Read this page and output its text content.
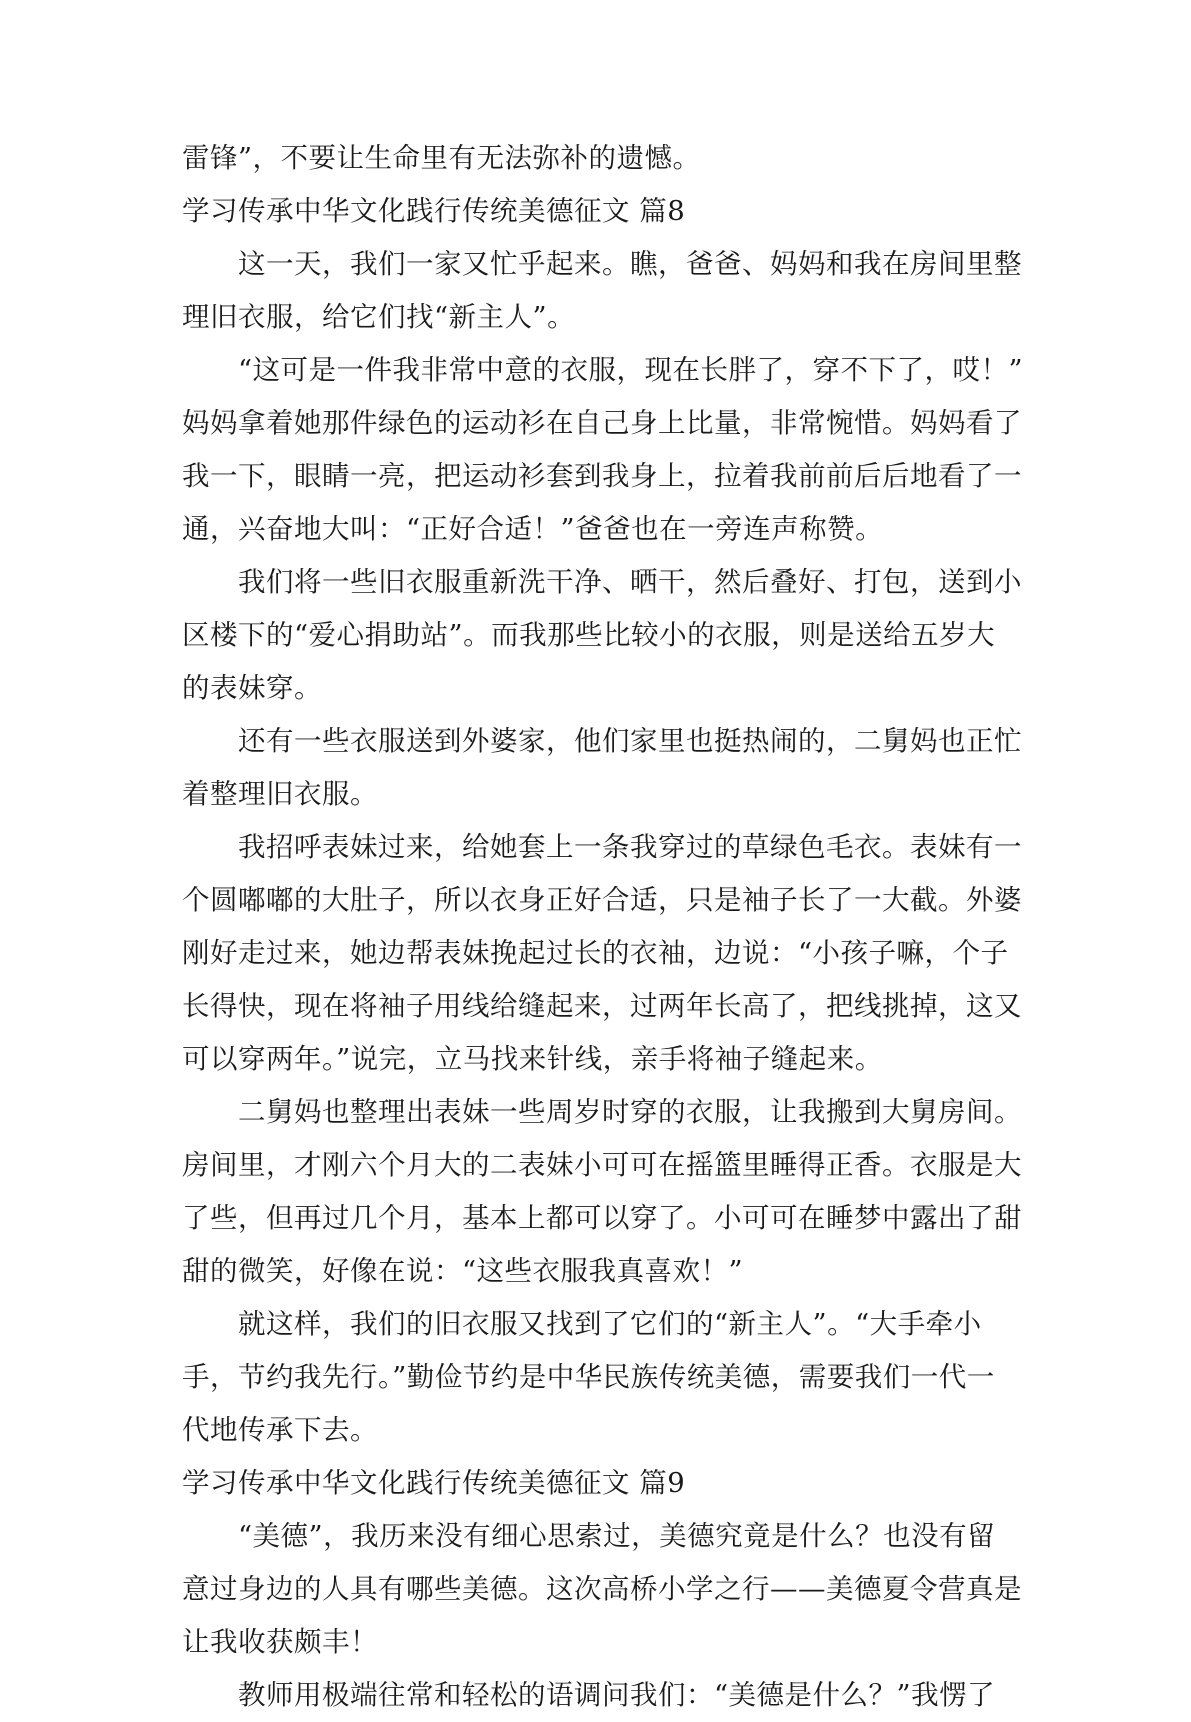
雷锋”，不要让生命里有无法弥补的遗憾。
学习传承中华文化践行传统美德征文 篇8
这一天，我们一家又忙乎起来。瞧，爸爸、妈妈和我在房间里整
理旧衣服，给它们找“新主人”。
“这可是一件我非常中意的衣服，现在长胖了，穿不下了，哎！”
妈妈拿着她那件绿色的运动衫在自己身上比量，非常惋惜。妈妈看了
我一下，眼睛一亮，把运动衫套到我身上，拉着我前前后后地看了一
通，兴奋地大叫：“正好合适！”爸爸也在一旁连声称赞。
我们将一些旧衣服重新洗干净、晒干，然后叠好、打包，送到小
区楼下的“爱心捐助站”。而我那些比较小的衣服，则是送给五岁大
的表妹穿。
还有一些衣服送到外婆家，他们家里也挺热闹的，二舅妈也正忙
着整理旧衣服。
我招呼表妹过来，给她套上一条我穿过的草绿色毛衣。表妹有一
个圆嘟嘟的大肚子，所以衣身正好合适，只是袖子长了一大截。外婆
刚好走过来，她边帮表妹挽起过长的衣袖，边说：“小孩子嘛，个子
长得快，现在将袖子用线给缝起来，过两年长高了，把线挑掉，这又
可以穿两年。”说完，立马找来针线，亲手将袖子缝起来。
二舅妈也整理出表妹一些周岁时穿的衣服，让我搬到大舅房间。
房间里，才刚六个月大的二表妹小可可在摇篮里睡得正香。衣服是大
了些，但再过几个月，基本上都可以穿了。小可可在睡梦中露出了甜
甜的微笑，好像在说：“这些衣服我真喜欢！”
就这样，我们的旧衣服又找到了它们的“新主人”。“大手牵小
手，节约我先行。”勤俭节约是中华民族传统美德，需要我们一代一
代地传承下去。
学习传承中华文化践行传统美德征文 篇9
“美德”，我历来没有细心思索过，美德究竟是什么？也没有留
意过身边的人具有哪些美德。这次高桥小学之行——美德夏令营真是
让我收获颇丰！
教师用极端往常和轻松的语调问我们：“美德是什么？”我愣了
